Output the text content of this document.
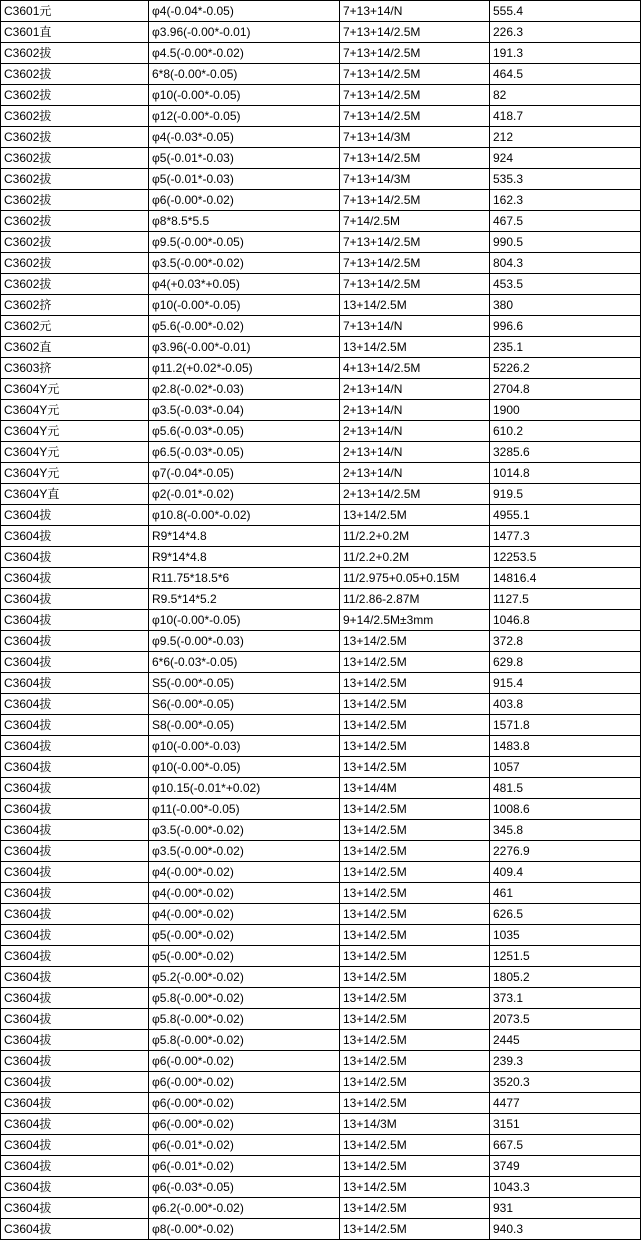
C3601元	φ4(-0.04*-0.05)	7+13+14/N	555.4
C3601直	φ3.96(-0.00*-0.01)	7+13+14/2.5M	226.3
C3602拔	φ4.5(-0.00*-0.02)	7+13+14/2.5M	191.3
C3602拔	6*8(-0.00*-0.05)	7+13+14/2.5M	464.5
C3602拔	φ10(-0.00*-0.05)	7+13+14/2.5M	82
C3602拔	φ12(-0.00*-0.05)	7+13+14/2.5M	418.7
C3602拔	φ4(-0.03*-0.05)	7+13+14/3M	212
C3602拔	φ5(-0.01*-0.03)	7+13+14/2.5M	924
C3602拔	φ5(-0.01*-0.03)	7+13+14/3M	535.3
C3602拔	φ6(-0.00*-0.02)	7+13+14/2.5M	162.3
C3602拔	φ8*8.5*5.5	7+14/2.5M	467.5
C3602拔	φ9.5(-0.00*-0.05)	7+13+14/2.5M	990.5
C3602拔	φ3.5(-0.00*-0.02)	7+13+14/2.5M	804.3
C3602拔	φ4(+0.03*+0.05)	7+13+14/2.5M	453.5
C3602挤	φ10(-0.00*-0.05)	13+14/2.5M	380
C3602元	φ5.6(-0.00*-0.02)	7+13+14/N	996.6
C3602直	φ3.96(-0.00*-0.01)	13+14/2.5M	235.1
C3603挤	φ11.2(+0.02*-0.05)	4+13+14/2.5M	5226.2
C3604Y元	φ2.8(-0.02*-0.03)	2+13+14/N	2704.8
C3604Y元	φ3.5(-0.03*-0.04)	2+13+14/N	1900
C3604Y元	φ5.6(-0.03*-0.05)	2+13+14/N	610.2
C3604Y元	φ6.5(-0.03*-0.05)	2+13+14/N	3285.6
C3604Y元	φ7(-0.04*-0.05)	2+13+14/N	1014.8
C3604Y直	φ2(-0.01*-0.02)	2+13+14/2.5M	919.5
C3604拔	φ10.8(-0.00*-0.02)	13+14/2.5M	4955.1
C3604拔	R9*14*4.8	11/2.2+0.2M	1477.3
C3604拔	R9*14*4.8	11/2.2+0.2M	12253.5
C3604拔	R11.75*18.5*6	11/2.975+0.05+0.15M	14816.4
C3604拔	R9.5*14*5.2	11/2.86-2.87M	1127.5
C3604拔	φ10(-0.00*-0.05)	9+14/2.5M±3mm	1046.8
C3604拔	φ9.5(-0.00*-0.03)	13+14/2.5M	372.8
C3604拔	6*6(-0.03*-0.05)	13+14/2.5M	629.8
C3604拔	S5(-0.00*-0.05)	13+14/2.5M	915.4
C3604拔	S6(-0.00*-0.05)	13+14/2.5M	403.8
C3604拔	S8(-0.00*-0.05)	13+14/2.5M	1571.8
C3604拔	φ10(-0.00*-0.03)	13+14/2.5M	1483.8
C3604拔	φ10(-0.00*-0.05)	13+14/2.5M	1057
C3604拔	φ10.15(-0.01*+0.02)	13+14/4M	481.5
C3604拔	φ11(-0.00*-0.05)	13+14/2.5M	1008.6
C3604拔	φ3.5(-0.00*-0.02)	13+14/2.5M	345.8
C3604拔	φ3.5(-0.00*-0.02)	13+14/2.5M	2276.9
C3604拔	φ4(-0.00*-0.02)	13+14/2.5M	409.4
C3604拔	φ4(-0.00*-0.02)	13+14/2.5M	461
C3604拔	φ4(-0.00*-0.02)	13+14/2.5M	626.5
C3604拔	φ5(-0.00*-0.02)	13+14/2.5M	1035
C3604拔	φ5(-0.00*-0.02)	13+14/2.5M	1251.5
C3604拔	φ5.2(-0.00*-0.02)	13+14/2.5M	1805.2
C3604拔	φ5.8(-0.00*-0.02)	13+14/2.5M	373.1
C3604拔	φ5.8(-0.00*-0.02)	13+14/2.5M	2073.5
C3604拔	φ5.8(-0.00*-0.02)	13+14/2.5M	2445
C3604拔	φ6(-0.00*-0.02)	13+14/2.5M	239.3
C3604拔	φ6(-0.00*-0.02)	13+14/2.5M	3520.3
C3604拔	φ6(-0.00*-0.02)	13+14/2.5M	4477
C3604拔	φ6(-0.00*-0.02)	13+14/3M	3151
C3604拔	φ6(-0.01*-0.02)	13+14/2.5M	667.5
C3604拔	φ6(-0.01*-0.02)	13+14/2.5M	3749
C3604拔	φ6(-0.03*-0.05)	13+14/2.5M	1043.3
C3604拔	φ6.2(-0.00*-0.02)	13+14/2.5M	931
C3604拔	φ8(-0.00*-0.02)	13+14/2.5M	940.3
